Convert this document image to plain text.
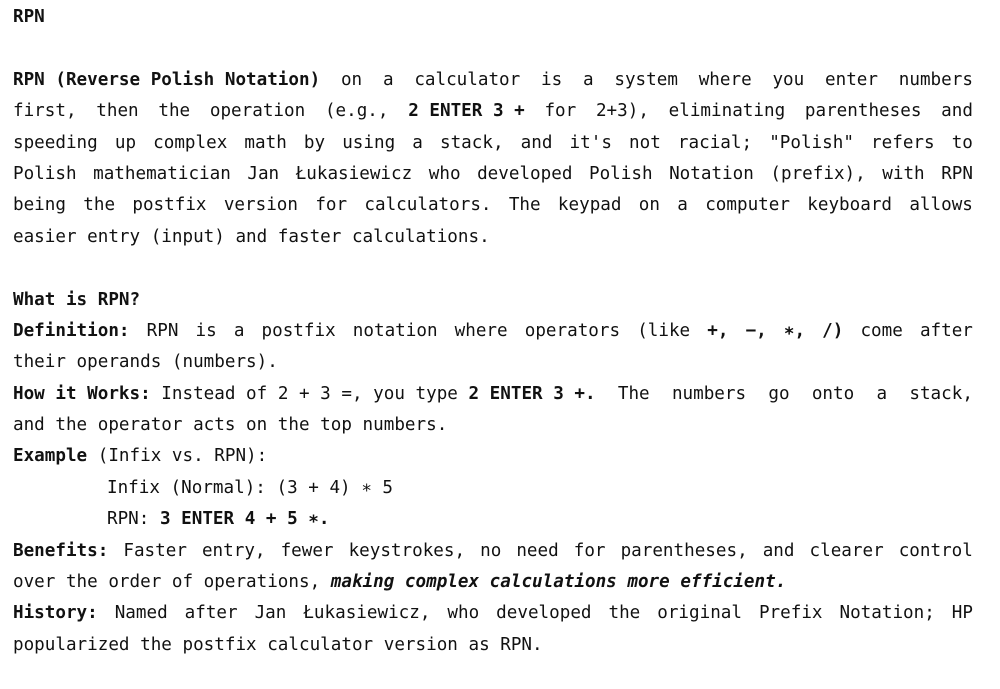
RPN
RPN (Reverse Polish Notation) on a calculator is a system where you enter numbers
first, then the operation (e.g., 2 ENTER 3 + for 2+3), eliminating parentheses and
speeding up complex math by using a stack, and it's not racial; "Polish" refers to
Polish mathematician Jan Łukasiewicz who developed Polish Notation (prefix), with RPN
being the postfix version for calculators. The keypad on a computer keyboard allows
easier entry (input) and faster calculations.
What is RPN?
Definition: RPN is a postfix notation where operators (like +, −, ∗, /) come after
their operands (numbers).
How it Works: Instead of 2 + 3 =, you type 2 ENTER 3 +. The numbers go onto a stack,
and the operator acts on the top numbers.
Example (Infix vs. RPN):
Infix (Normal): (3 + 4) ∗ 5
RPN: 3 ENTER 4 + 5 ∗.
Benefits: Faster entry, fewer keystrokes, no need for parentheses, and clearer control
over the order of operations, making complex calculations more efficient.
History: Named after Jan Łukasiewicz, who developed the original Prefix Notation; HP
popularized the postfix calculator version as RPN.
